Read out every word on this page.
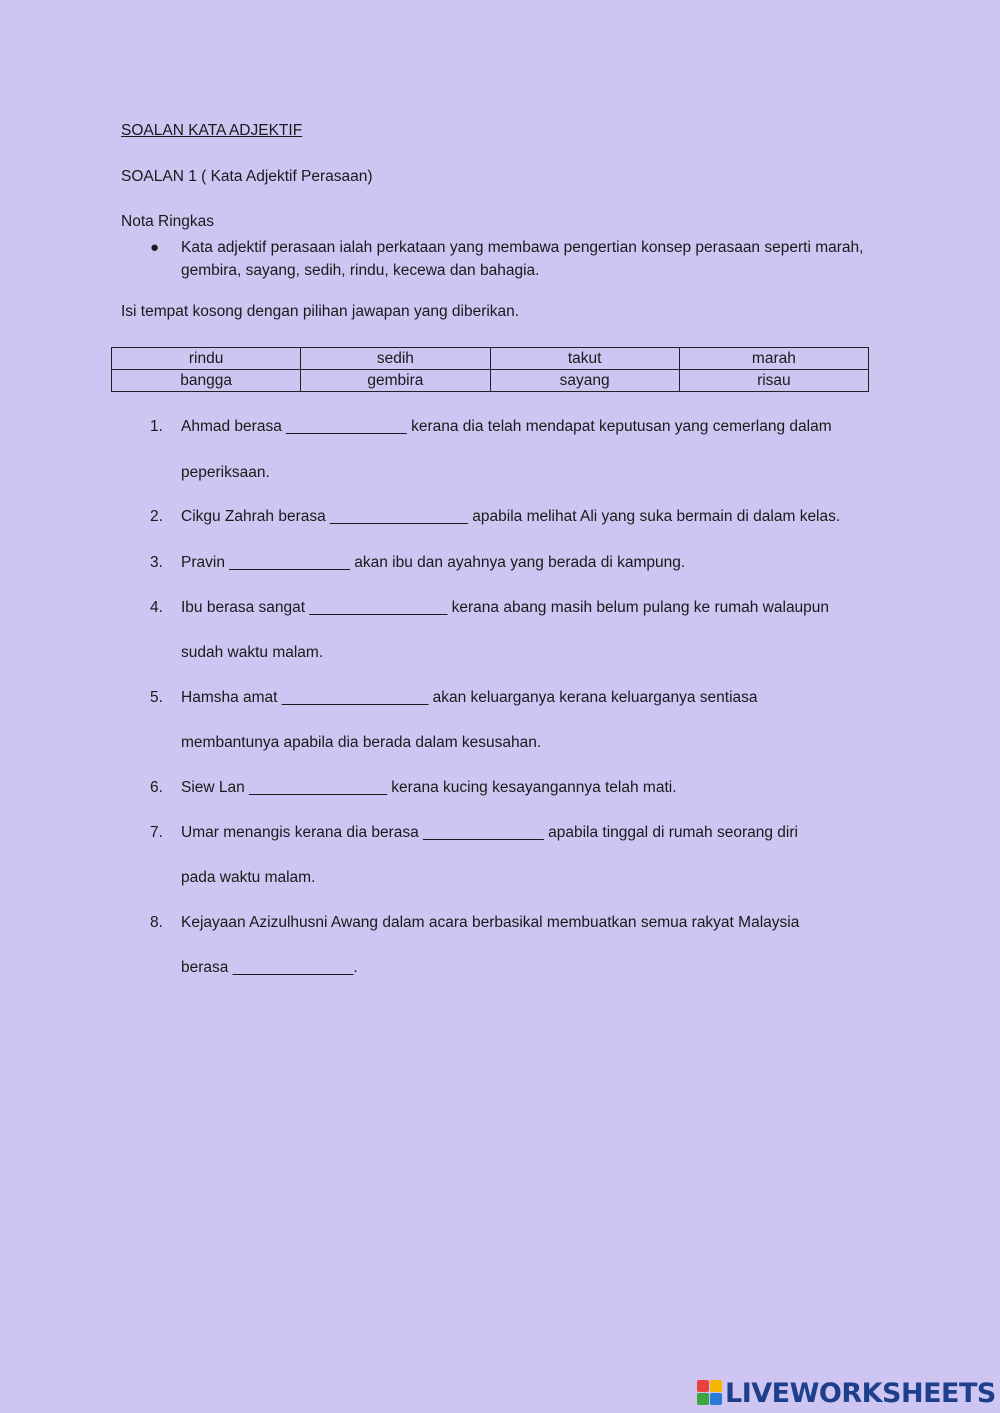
SOALAN KATA ADJEKTIF
SOALAN 1 ( Kata Adjektif Perasaan)
Nota Ringkas
● Kata adjektif perasaan ialah perkataan yang membawa pengertian konsep perasaan seperti marah, gembira, sayang, sedih, rindu, kecewa dan bahagia.
Isi tempat kosong dengan pilihan jawapan yang diberikan.
rindu	sedih	takut	marah
bangga	gembira	sayang	risau
1. Ahmad berasa ______________ kerana dia telah mendapat keputusan yang cemerlang dalam
peperiksaan.
2. Cikgu Zahrah berasa ________________ apabila melihat Ali yang suka bermain di dalam kelas.
3. Pravin ______________ akan ibu dan ayahnya yang berada di kampung.
4. Ibu berasa sangat ________________ kerana abang masih belum pulang ke rumah walaupun
sudah waktu malam.
5. Hamsha amat _________________ akan keluarganya kerana keluarganya sentiasa
membantunya apabila dia berada dalam kesusahan.
6. Siew Lan ________________ kerana kucing kesayangannya telah mati.
7. Umar menangis kerana dia berasa ______________ apabila tinggal di rumah seorang diri
pada waktu malam.
8. Kejayaan Azizulhusni Awang dalam acara berbasikal membuatkan semua rakyat Malaysia
berasa ______________.
LIVEWORKSHEETS
